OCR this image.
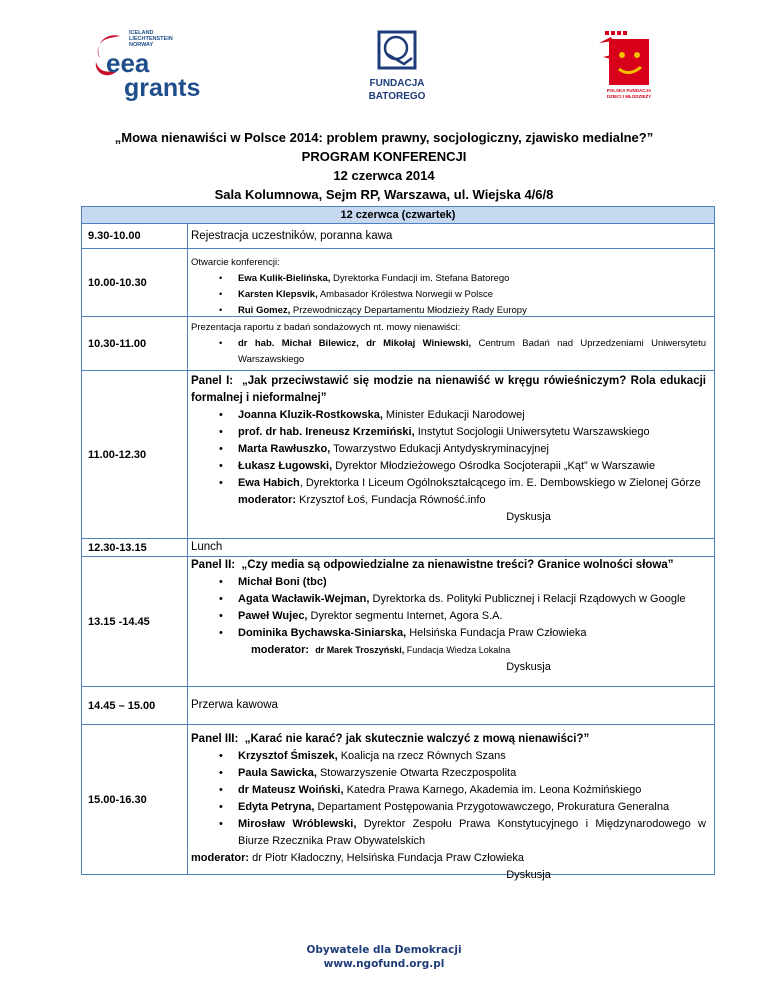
ICELAND
LIECHTENSTEIN
NORWAY
eea
grants	FUNDACJA
BATOREGO
POLSKA FUNDACJA
DZIECI I MŁODZIEŻY
„Mowa nienawiści w Polsce 2014: problem prawny, socjologiczny, zjawisko medialne?”
PROGRAM KONFERENCJI
12 czerwca 2014
Sala Kolumnowa, Sejm RP, Warszawa, ul. Wiejska 4/6/8
12 czerwca (czwartek)
9.30-10.00	Rejestracja uczestników, poranna kawa
10.00-10.30
Otwarcie konferencji:
• Ewa Kulik-Bielińska, Dyrektorka Fundacji im. Stefana Batorego
• Karsten Klepsvik, Ambasador Królestwa Norwegii w Polsce
• Rui Gomez, Przewodniczący Departamentu Młodzieży Rady Europy
10.30-11.00
Prezentacja raportu z badań sondażowych nt. mowy nienawiści:
• dr hab. Michał Bilewicz, dr Mikołaj Winiewski, Centrum Badań nad Uprzedzeniami Uniwersytetu Warszawskiego
11.00-12.30
Panel I: „Jak przeciwstawić się modzie na nienawiść w kręgu rówieśniczym? Rola edukacji formalnej i nieformalnej”
• Joanna Kluzik-Rostkowska, Minister Edukacji Narodowej
• prof. dr hab. Ireneusz Krzemiński, Instytut Socjologii Uniwersytetu Warszawskiego
• Marta Rawłuszko, Towarzystwo Edukacji Antydyskryminacyjnej
• Łukasz Ługowski, Dyrektor Młodzieżowego Ośrodka Socjoterapii „Kąt” w Warszawie
• Ewa Habich, Dyrektorka I Liceum Ogólnokształcącego im. E. Dembowskiego w Zielonej Górze
moderator: Krzysztof Łoś, Fundacja Równość.info
Dyskusja
12.30-13.15	Lunch
13.15 -14.45
Panel II: „Czy media są odpowiedzialne za nienawistne treści? Granice wolności słowa”
• Michał Boni (tbc)
• Agata Wacławik-Wejman, Dyrektorka ds. Polityki Publicznej i Relacji Rządowych w Google
• Paweł Wujec, Dyrektor segmentu Internet, Agora S.A.
• Dominika Bychawska-Siniarska, Helsińska Fundacja Praw Człowieka
moderator: dr Marek Troszyński, Fundacja Wiedza Lokalna
Dyskusja
14.45 – 15.00	Przerwa kawowa
15.00-16.30
Panel III: „Karać nie karać? jak skutecznie walczyć z mową nienawiści?”
• Krzysztof Śmiszek, Koalicja na rzecz Równych Szans
• Paula Sawicka, Stowarzyszenie Otwarta Rzeczpospolita
• dr Mateusz Woiński, Katedra Prawa Karnego, Akademia im. Leona Koźmińskiego
• Edyta Petryna, Departament Postępowania Przygotowawczego, Prokuratura Generalna
• Mirosław Wróblewski, Dyrektor Zespołu Prawa Konstytucyjnego i Międzynarodowego w Biurze Rzecznika Praw Obywatelskich
moderator: dr Piotr Kładoczny, Helsińska Fundacja Praw Człowieka
Dyskusja
Obywatele dla Demokracji
www.ngofund.org.pl
